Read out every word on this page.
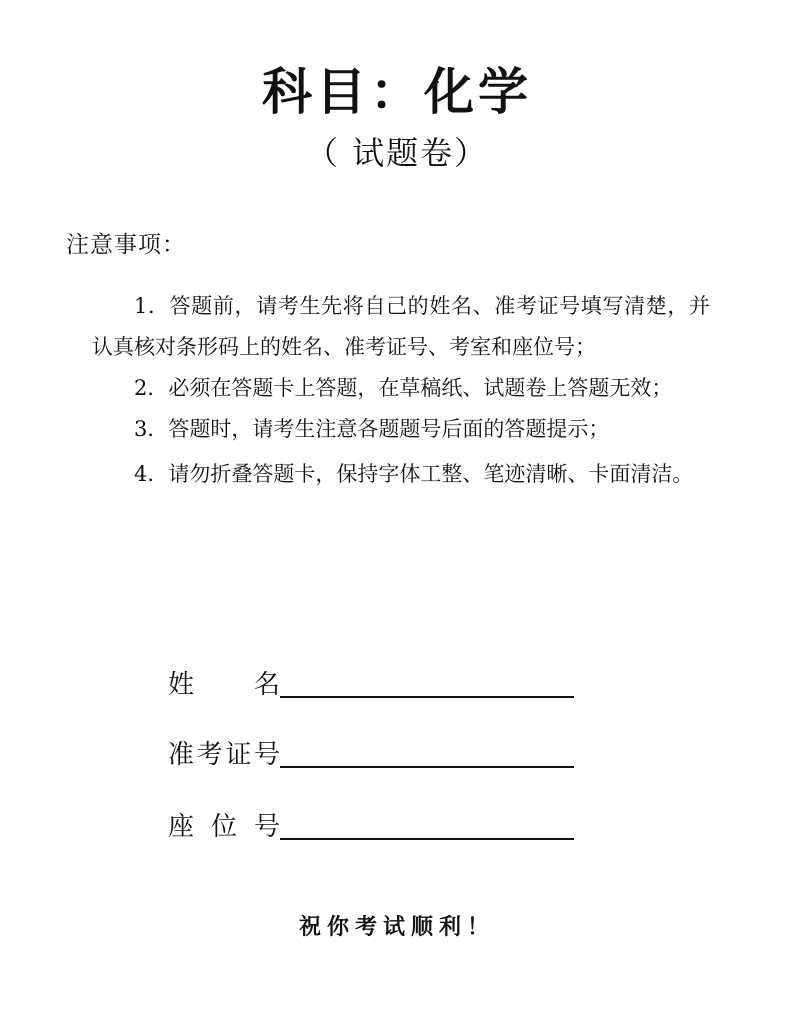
科目：化学
（ 试题卷）
注意事项：

1．答题前，请考生先将自己的姓名、准考证号填写清楚，并认真核对条形码上的姓名、准考证号、考室和座位号；

2．必须在答题卡上答题，在草稿纸、试题卷上答题无效；

3．答题时，请考生注意各题题号后面的答题提示；

4．请勿折叠答题卡，保持字体工整、笔迹清晰、卡面清洁。

姓名
准考证号
座位号
祝你考试顺利！
